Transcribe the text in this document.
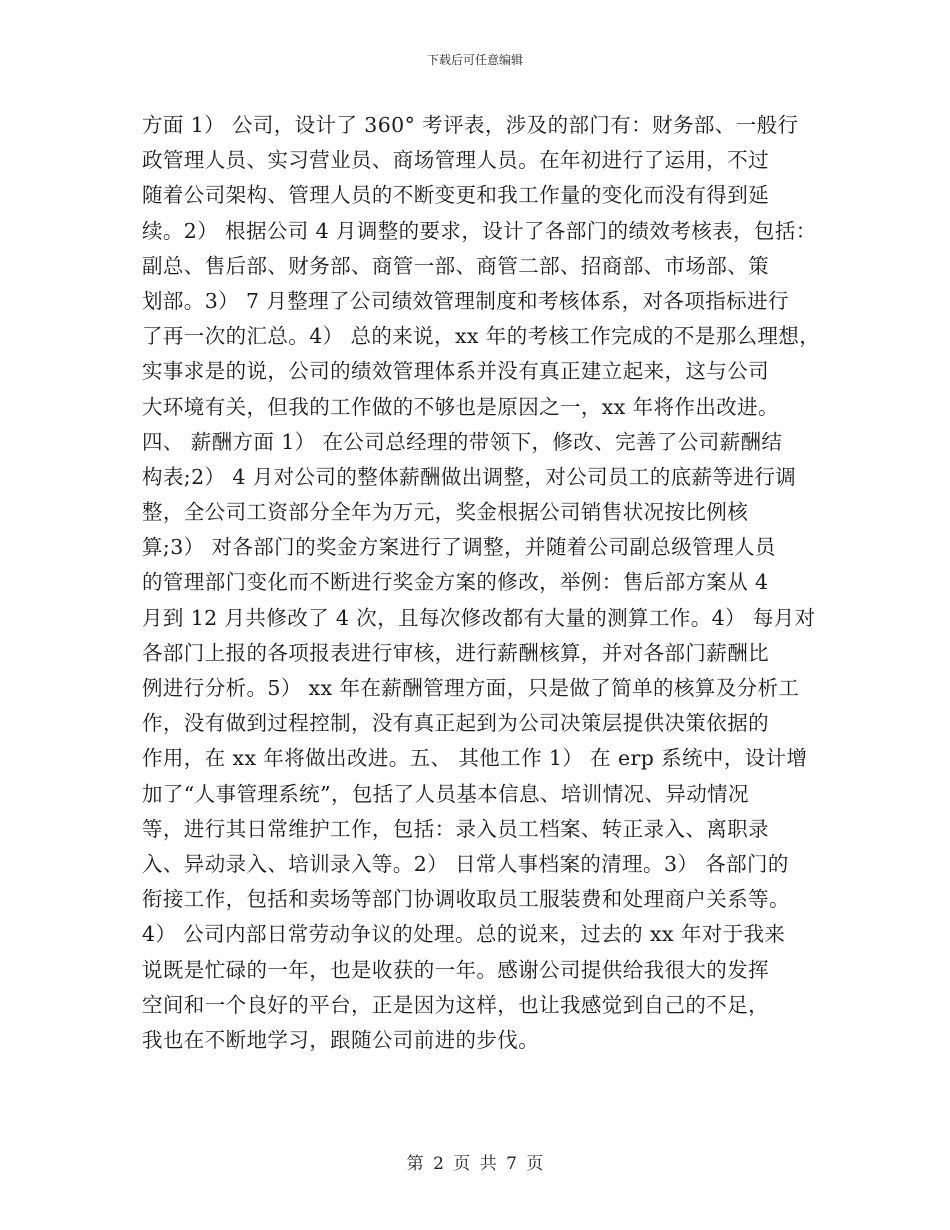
下载后可任意编辑
方面 1） 公司，设计了 360° 考评表，涉及的部门有：财务部、一般行
政管理人员、实习营业员、商场管理人员。在年初进行了运用，不过
随着公司架构、管理人员的不断变更和我工作量的变化而没有得到延
续。2） 根据公司 4 月调整的要求，设计了各部门的绩效考核表，包括：
副总、售后部、财务部、商管一部、商管二部、招商部、市场部、策
划部。3） 7 月整理了公司绩效管理制度和考核体系，对各项指标进行
了再一次的汇总。4） 总的来说，xx 年的考核工作完成的不是那么理想，
实事求是的说，公司的绩效管理体系并没有真正建立起来，这与公司
大环境有关，但我的工作做的不够也是原因之一，xx 年将作出改进。
四、 薪酬方面 1） 在公司总经理的带领下，修改、完善了公司薪酬结
构表;2） 4 月对公司的整体薪酬做出调整，对公司员工的底薪等进行调
整，全公司工资部分全年为万元，奖金根据公司销售状况按比例核
算;3） 对各部门的奖金方案进行了调整，并随着公司副总级管理人员
的管理部门变化而不断进行奖金方案的修改，举例：售后部方案从 4
月到 12 月共修改了 4 次，且每次修改都有大量的测算工作。4） 每月对
各部门上报的各项报表进行审核，进行薪酬核算，并对各部门薪酬比
例进行分析。5） xx 年在薪酬管理方面，只是做了简单的核算及分析工
作，没有做到过程控制，没有真正起到为公司决策层提供决策依据的
作用，在 xx 年将做出改进。五、 其他工作 1） 在 erp 系统中，设计增
加了“人事管理系统”，包括了人员基本信息、培训情况、异动情况
等，进行其日常维护工作，包括：录入员工档案、转正录入、离职录
入、异动录入、培训录入等。2） 日常人事档案的清理。3） 各部门的
衔接工作，包括和卖场等部门协调收取员工服装费和处理商户关系等。
4） 公司内部日常劳动争议的处理。总的说来，过去的 xx 年对于我来
说既是忙碌的一年，也是收获的一年。感谢公司提供给我很大的发挥
空间和一个良好的平台，正是因为这样，也让我感觉到自己的不足，
我也在不断地学习，跟随公司前进的步伐。
第 2 页 共 7 页
